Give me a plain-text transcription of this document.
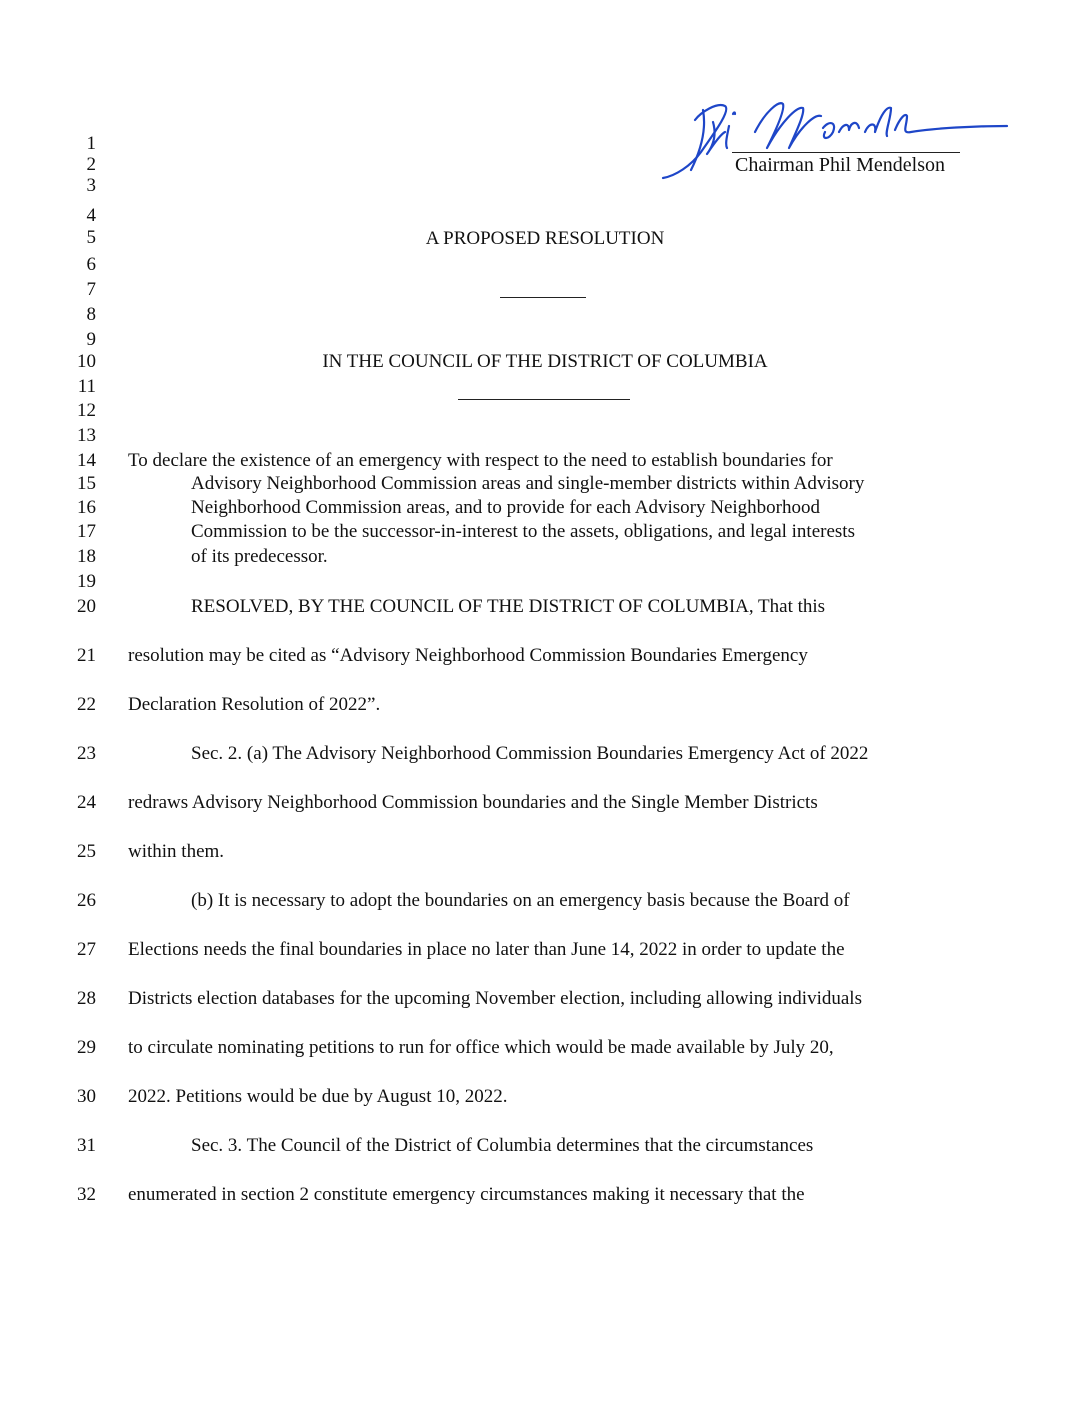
Chairman Phil Mendelson
1
2
3
4
5
6
7
8
9
10
11
12
13
14
15
16
17
18
19
20
21
22
23
24
25
26
27
28
29
30
31
32
A PROPOSED RESOLUTION
IN THE COUNCIL OF THE DISTRICT OF COLUMBIA
To declare the existence of an emergency with respect to the need to establish boundaries for
Advisory Neighborhood Commission areas and single-member districts within Advisory
Neighborhood Commission areas, and to provide for each Advisory Neighborhood
Commission to be the successor-in-interest to the assets, obligations, and legal interests
of its predecessor.
RESOLVED, BY THE COUNCIL OF THE DISTRICT OF COLUMBIA, That this
resolution may be cited as “Advisory Neighborhood Commission Boundaries Emergency
Declaration Resolution of 2022”.
Sec. 2. (a) The Advisory Neighborhood Commission Boundaries Emergency Act of 2022
redraws Advisory Neighborhood Commission boundaries and the Single Member Districts
within them.
(b) It is necessary to adopt the boundaries on an emergency basis because the Board of
Elections needs the final boundaries in place no later than June 14, 2022 in order to update the
Districts election databases for the upcoming November election, including allowing individuals
to circulate nominating petitions to run for office which would be made available by July 20,
2022. Petitions would be due by August 10, 2022.
Sec. 3. The Council of the District of Columbia determines that the circumstances
enumerated in section 2 constitute emergency circumstances making it necessary that the
